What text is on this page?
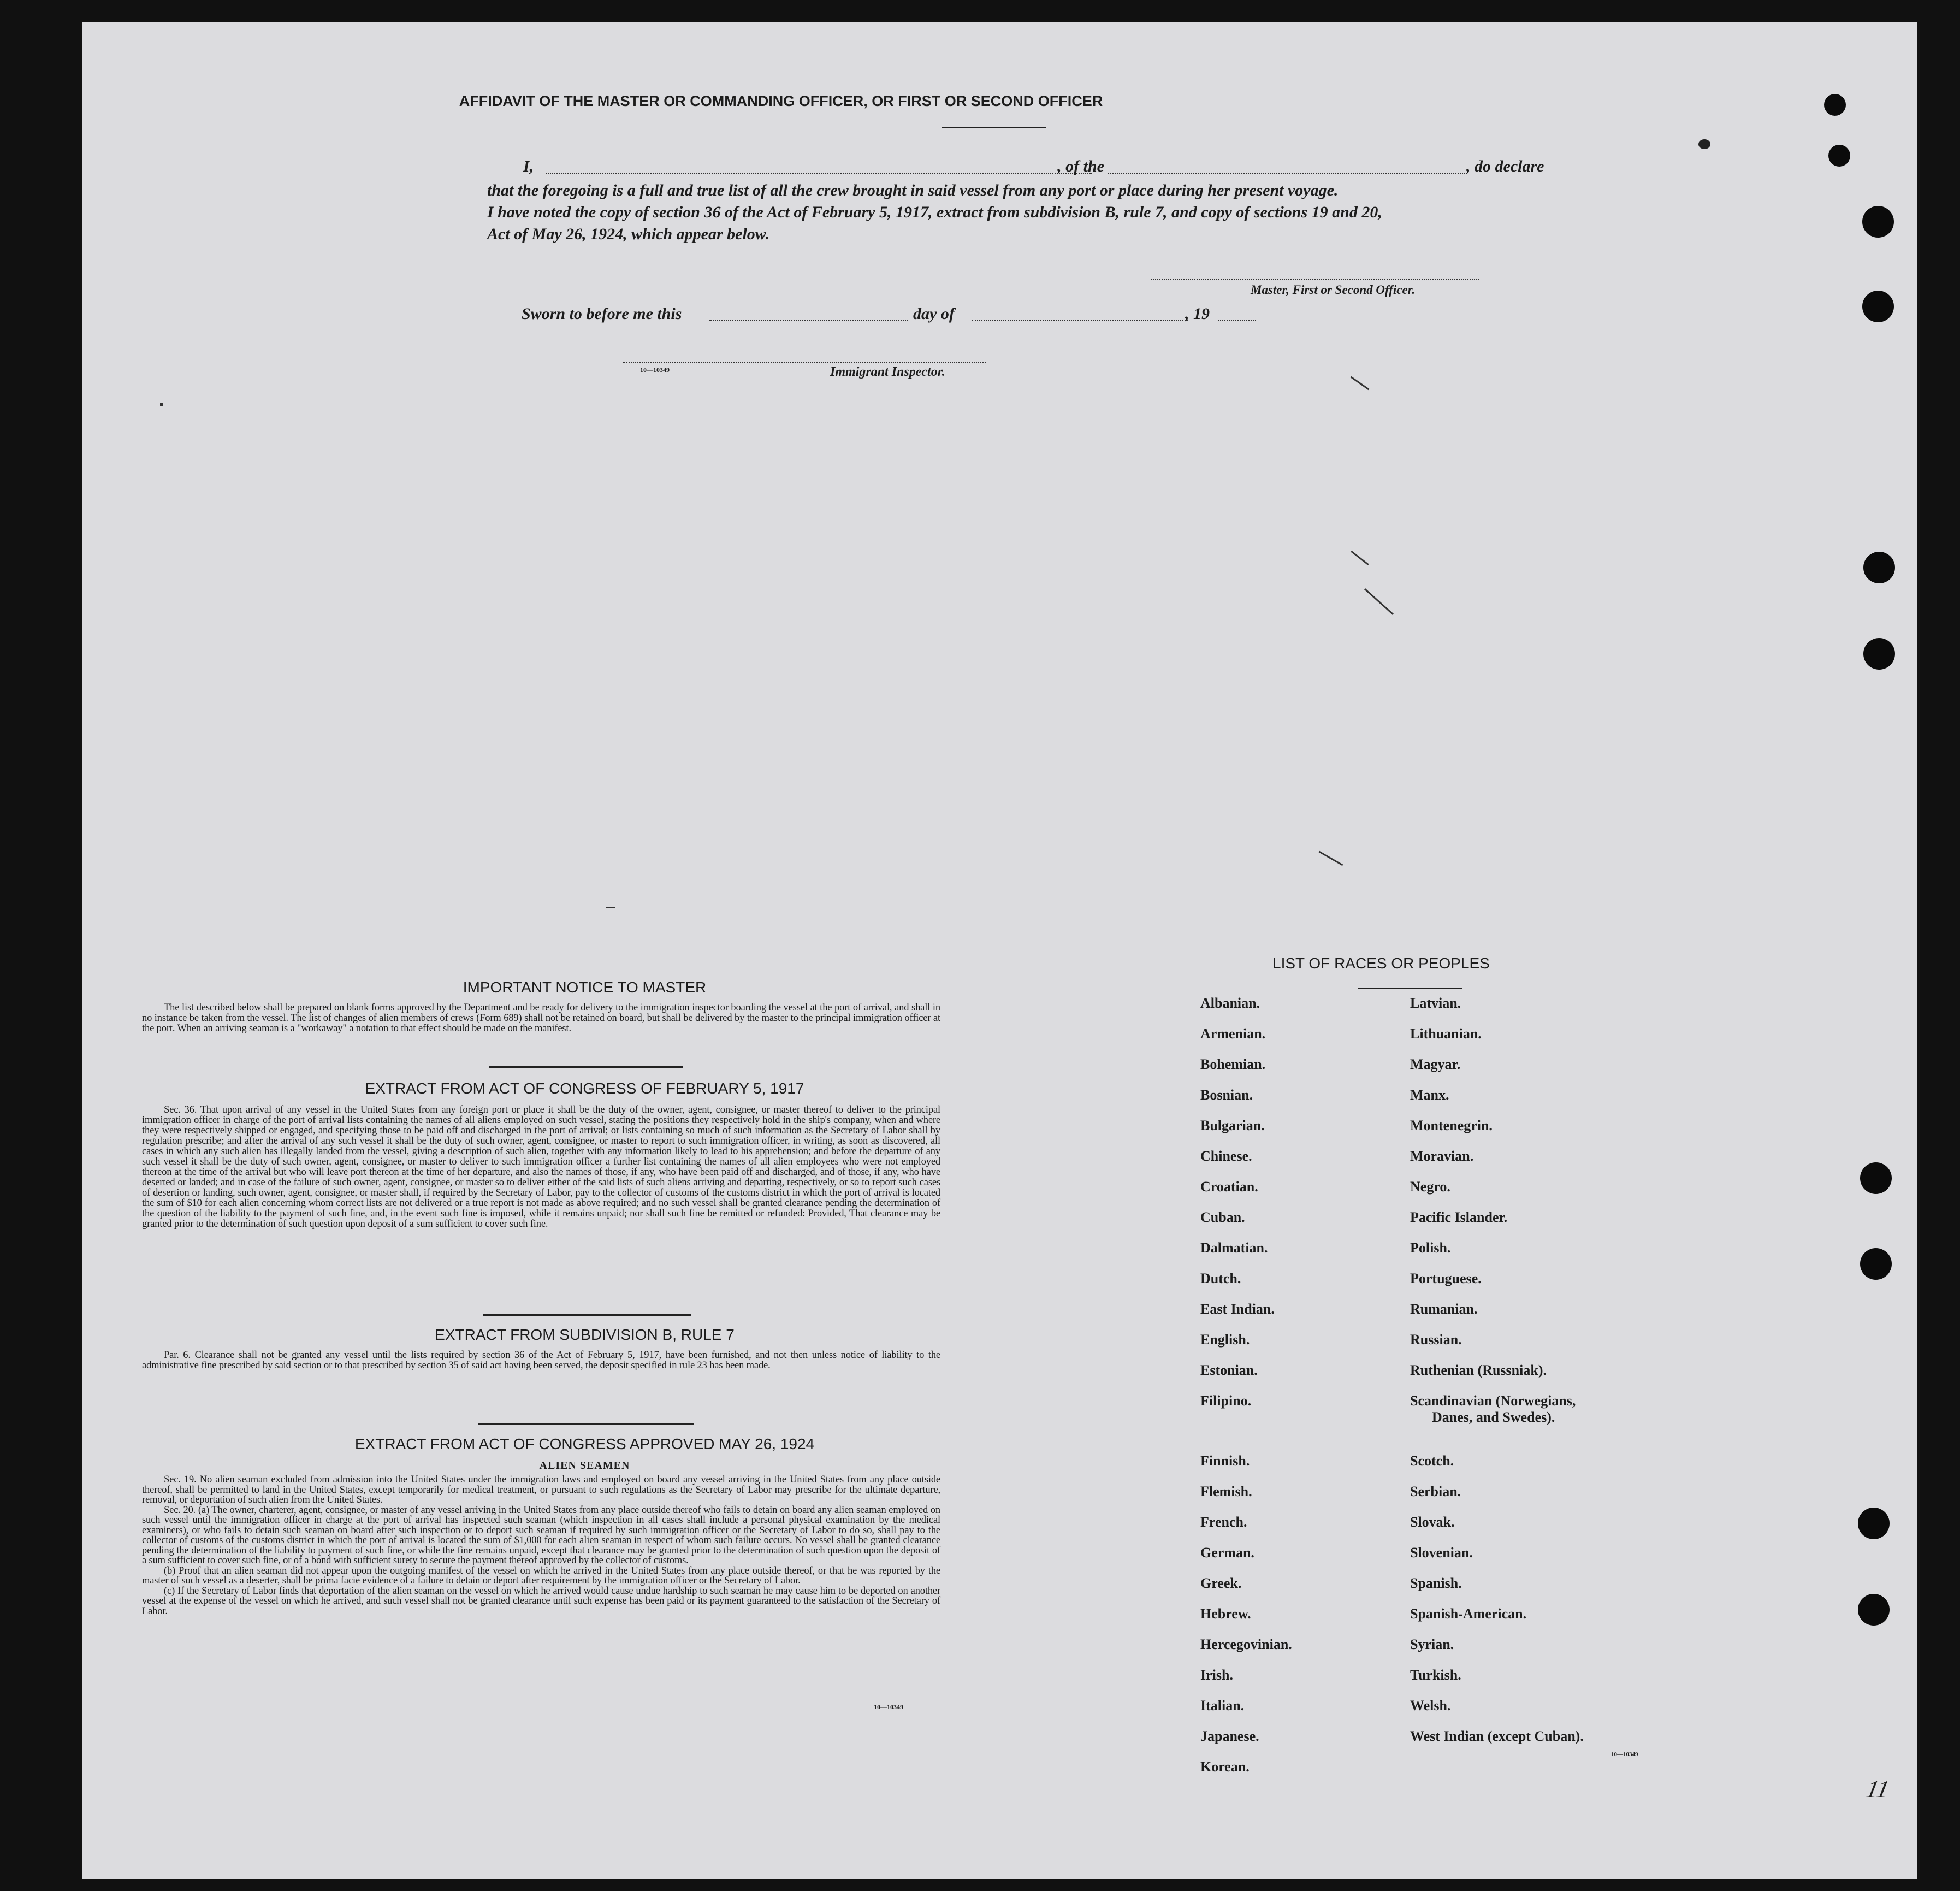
AFFIDAVIT OF THE MASTER OR COMMANDING OFFICER, OR FIRST OR SECOND OFFICER
I,	, of the	, do declare
that the foregoing is a full and true list of all the crew brought in said vessel from any port or place during her present voyage.
I have noted the copy of section 36 of the Act of February 5, 1917, extract from subdivision B, rule 7, and copy of sections 19 and 20,
Act of May 26, 1924, which appear below.
Master, First or Second Officer.
Sworn to before me this	day of	, 19
10—10349	Immigrant Inspector.
IMPORTANT NOTICE TO MASTER

The list described below shall be prepared on blank forms approved by the Department and be ready for delivery to the immigration inspector boarding the vessel at the port of arrival, and shall in no instance be taken from the vessel. The list of changes of alien members of crews (Form 689) shall not be retained on board, but shall be delivered by the master to the principal immigration officer at the port. When an arriving seaman is a "workaway" a notation to that effect should be made on the manifest.

EXTRACT FROM ACT OF CONGRESS OF FEBRUARY 5, 1917

Sec. 36. That upon arrival of any vessel in the United States from any foreign port or place it shall be the duty of the owner, agent, consignee, or master thereof to deliver to the principal immigration officer in charge of the port of arrival lists containing the names of all aliens employed on such vessel, stating the positions they respectively hold in the ship's company, when and where they were respectively shipped or engaged, and specifying those to be paid off and discharged in the port of arrival; or lists containing so much of such information as the Secretary of Labor shall by regulation prescribe; and after the arrival of any such vessel it shall be the duty of such owner, agent, consignee, or master to report to such immigration officer, in writing, as soon as discovered, all cases in which any such alien has illegally landed from the vessel, giving a description of such alien, together with any information likely to lead to his apprehension; and before the departure of any such vessel it shall be the duty of such owner, agent, consignee, or master to deliver to such immigration officer a further list containing the names of all alien employees who were not employed thereon at the time of the arrival but who will leave port thereon at the time of her departure, and also the names of those, if any, who have been paid off and discharged, and of those, if any, who have deserted or landed; and in case of the failure of such owner, agent, consignee, or master so to deliver either of the said lists of such aliens arriving and departing, respectively, or so to report such cases of desertion or landing, such owner, agent, consignee, or master shall, if required by the Secretary of Labor, pay to the collector of customs of the customs district in which the port of arrival is located the sum of $10 for each alien concerning whom correct lists are not delivered or a true report is not made as above required; and no such vessel shall be granted clearance pending the determination of the question of the liability to the payment of such fine, and, in the event such fine is imposed, while it remains unpaid; nor shall such fine be remitted or refunded: Provided, That clearance may be granted prior to the determination of such question upon deposit of a sum sufficient to cover such fine.

EXTRACT FROM SUBDIVISION B, RULE 7

Par. 6. Clearance shall not be granted any vessel until the lists required by section 36 of the Act of February 5, 1917, have been furnished, and not then unless notice of liability to the administrative fine prescribed by said section or to that prescribed by section 35 of said act having been served, the deposit specified in rule 23 has been made.

EXTRACT FROM ACT OF CONGRESS APPROVED MAY 26, 1924
ALIEN SEAMEN

Sec. 19. No alien seaman excluded from admission into the United States under the immigration laws and employed on board any vessel arriving in the United States from any place outside thereof, shall be permitted to land in the United States, except temporarily for medical treatment, or pursuant to such regulations as the Secretary of Labor may prescribe for the ultimate departure, removal, or deportation of such alien from the United States.

Sec. 20. (a) The owner, charterer, agent, consignee, or master of any vessel arriving in the United States from any place outside thereof who fails to detain on board any alien seaman employed on such vessel until the immigration officer in charge at the port of arrival has inspected such seaman (which inspection in all cases shall include a personal physical examination by the medical examiners), or who fails to detain such seaman on board after such inspection or to deport such seaman if required by such immigration officer or the Secretary of Labor to do so, shall pay to the collector of customs of the customs district in which the port of arrival is located the sum of $1,000 for each alien seaman in respect of whom such failure occurs. No vessel shall be granted clearance pending the determination of the liability to payment of such fine, or while the fine remains unpaid, except that clearance may be granted prior to the determination of such question upon the deposit of a sum sufficient to cover such fine, or of a bond with sufficient surety to secure the payment thereof approved by the collector of customs.

(b) Proof that an alien seaman did not appear upon the outgoing manifest of the vessel on which he arrived in the United States from any place outside thereof, or that he was reported by the master of such vessel as a deserter, shall be prima facie evidence of a failure to detain or deport after requirement by the immigration officer or the Secretary of Labor.

(c) If the Secretary of Labor finds that deportation of the alien seaman on the vessel on which he arrived would cause undue hardship to such seaman he may cause him to be deported on another vessel at the expense of the vessel on which he arrived, and such vessel shall not be granted clearance until such expense has been paid or its payment guaranteed to the satisfaction of the Secretary of Labor.

10—10349
LIST OF RACES OR PEOPLES
10—10349
11
Albanian.
Armenian.
Bohemian.
Bosnian.
Bulgarian.
Chinese.
Croatian.
Cuban.
Dalmatian.
Dutch.
East Indian.
English.
Estonian.
Filipino.
Finnish.
Flemish.
French.
German.
Greek.
Hebrew.
Hercegovinian.
Irish.
Italian.
Japanese.
Korean.
Latvian.
Lithuanian.
Magyar.
Manx.
Montenegrin.
Moravian.
Negro.
Pacific Islander.
Polish.
Portuguese.
Rumanian.
Russian.
Ruthenian (Russniak).
Scandinavian (Norwegians,
Danes, and Swedes).
Scotch.
Serbian.
Slovak.
Slovenian.
Spanish.
Spanish-American.
Syrian.
Turkish.
Welsh.
West Indian (except Cuban).
